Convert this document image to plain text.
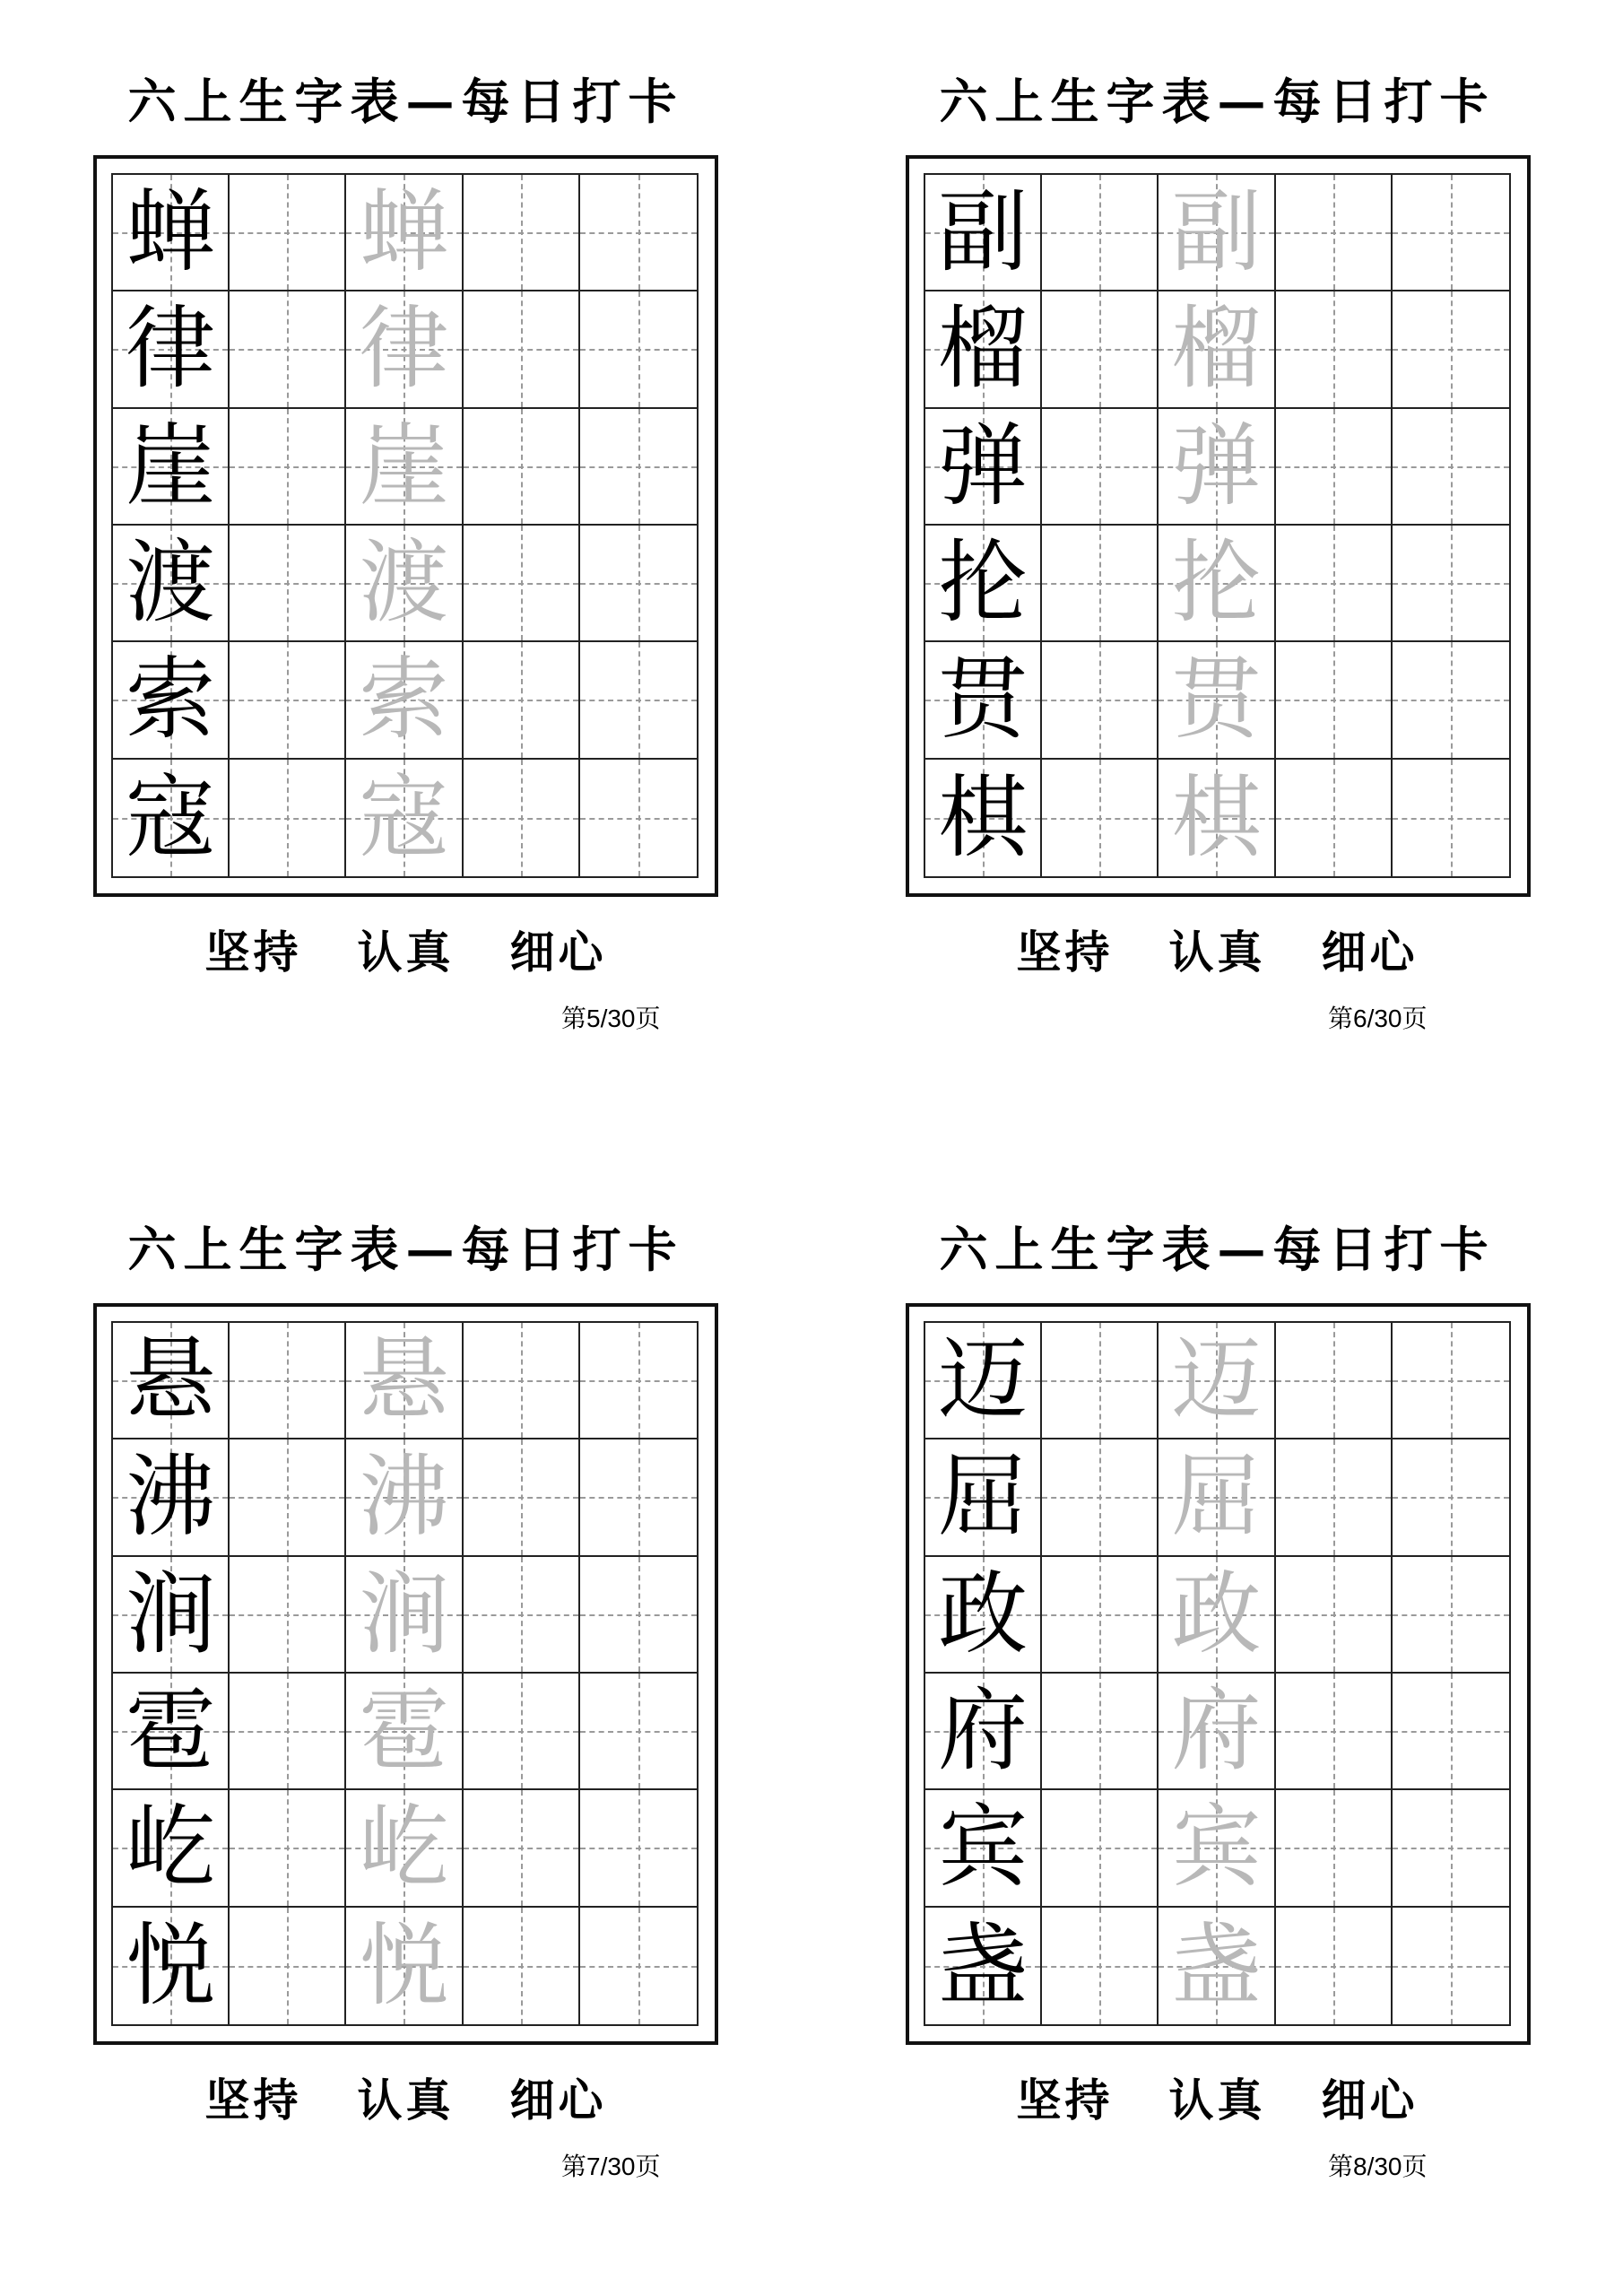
六上生字表—每日打卡
蝉 蝉
律 律
崖 崖
渡 渡
索 索
寇 寇
坚持 认真 细心
第5/30页
六上生字表—每日打卡
副 副
榴 榴
弹 弹
抡 抡
贯 贯
棋 棋
坚持 认真 细心
第6/30页
六上生字表—每日打卡
悬 悬
沸 沸
涧 涧
雹 雹
屹 屹
悦 悦
坚持 认真 细心
第7/30页
六上生字表—每日打卡
迈 迈
屈 屈
政 政
府 府
宾 宾
盏 盏
坚持 认真 细心
第8/30页
